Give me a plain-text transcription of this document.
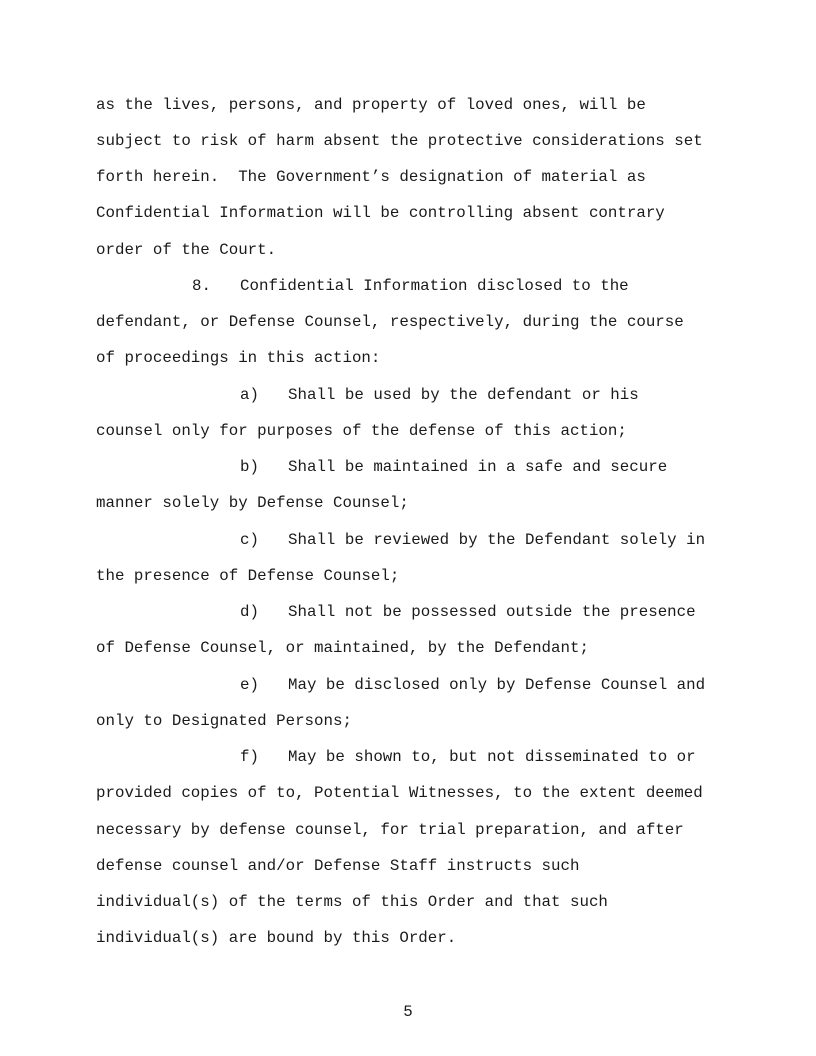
as the lives, persons, and property of loved ones, will be

subject to risk of harm absent the protective considerations set

forth herein.  The Government’s designation of material as

Confidential Information will be controlling absent contrary

order of the Court.

8. Confidential Information disclosed to the

defendant, or Defense Counsel, respectively, during the course

of proceedings in this action:

a) Shall be used by the defendant or his

counsel only for purposes of the defense of this action;

b) Shall be maintained in a safe and secure

manner solely by Defense Counsel;

c) Shall be reviewed by the Defendant solely in

the presence of Defense Counsel;

d) Shall not be possessed outside the presence

of Defense Counsel, or maintained, by the Defendant;

e) May be disclosed only by Defense Counsel and

only to Designated Persons;

f) May be shown to, but not disseminated to or

provided copies of to, Potential Witnesses, to the extent deemed

necessary by defense counsel, for trial preparation, and after

defense counsel and/or Defense Staff instructs such

individual(s) of the terms of this Order and that such

individual(s) are bound by this Order.

5
